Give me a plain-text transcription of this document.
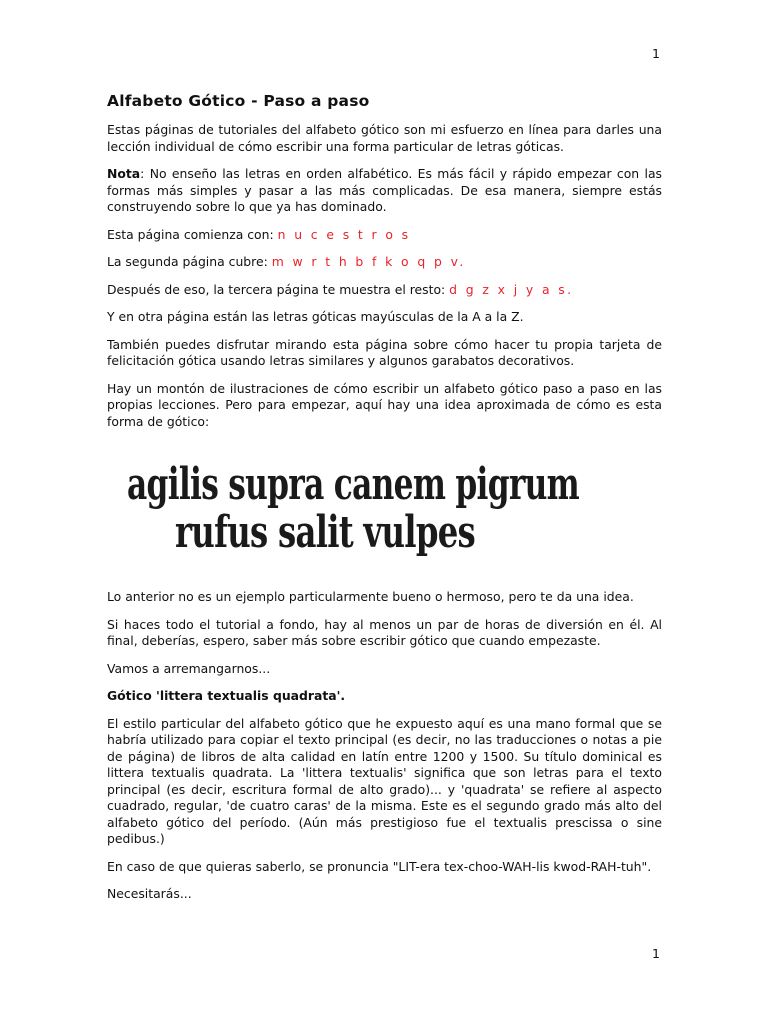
1
Alfabeto Gótico - Paso a paso

Estas páginas de tutoriales del alfabeto gótico son mi esfuerzo en línea para darles una lección individual de cómo escribir una forma particular de letras góticas.

Nota: No enseño las letras en orden alfabético. Es más fácil y rápido empezar con las formas más simples y pasar a las más complicadas. De esa manera, siempre estás construyendo sobre lo que ya has dominado.

Esta página comienza con: n u c e s t r o s

La segunda página cubre: m w r t h b f k o q p v.

Después de eso, la tercera página te muestra el resto: d g z x j y a s.

Y en otra página están las letras góticas mayúsculas de la A a la Z.

También puedes disfrutar mirando esta página sobre cómo hacer tu propia tarjeta de felicitación gótica usando letras similares y algunos garabatos decorativos.

Hay un montón de ilustraciones de cómo escribir un alfabeto gótico paso a paso en las propias lecciones. Pero para empezar, aquí hay una idea aproximada de cómo es esta forma de gótico:

agilis supra canem pigrum
rufus salit vulpes

Lo anterior no es un ejemplo particularmente bueno o hermoso, pero te da una idea.

Si haces todo el tutorial a fondo, hay al menos un par de horas de diversión en él. Al final, deberías, espero, saber más sobre escribir gótico que cuando empezaste.

Vamos a arremangarnos...

Gótico 'littera textualis quadrata'.

El estilo particular del alfabeto gótico que he expuesto aquí es una mano formal que se habría utilizado para copiar el texto principal (es decir, no las traducciones o notas a pie de página) de libros de alta calidad en latín entre 1200 y 1500. Su título dominical es littera textualis quadrata. La 'littera textualis' significa que son letras para el texto principal (es decir, escritura formal de alto grado)... y 'quadrata' se refiere al aspecto cuadrado, regular, 'de cuatro caras' de la misma. Este es el segundo grado más alto del alfabeto gótico del período. (Aún más prestigioso fue el textualis prescissa o sine pedibus.)

En caso de que quieras saberlo, se pronuncia "LIT-era tex-choo-WAH-lis kwod-RAH-tuh".

Necesitarás...

1
